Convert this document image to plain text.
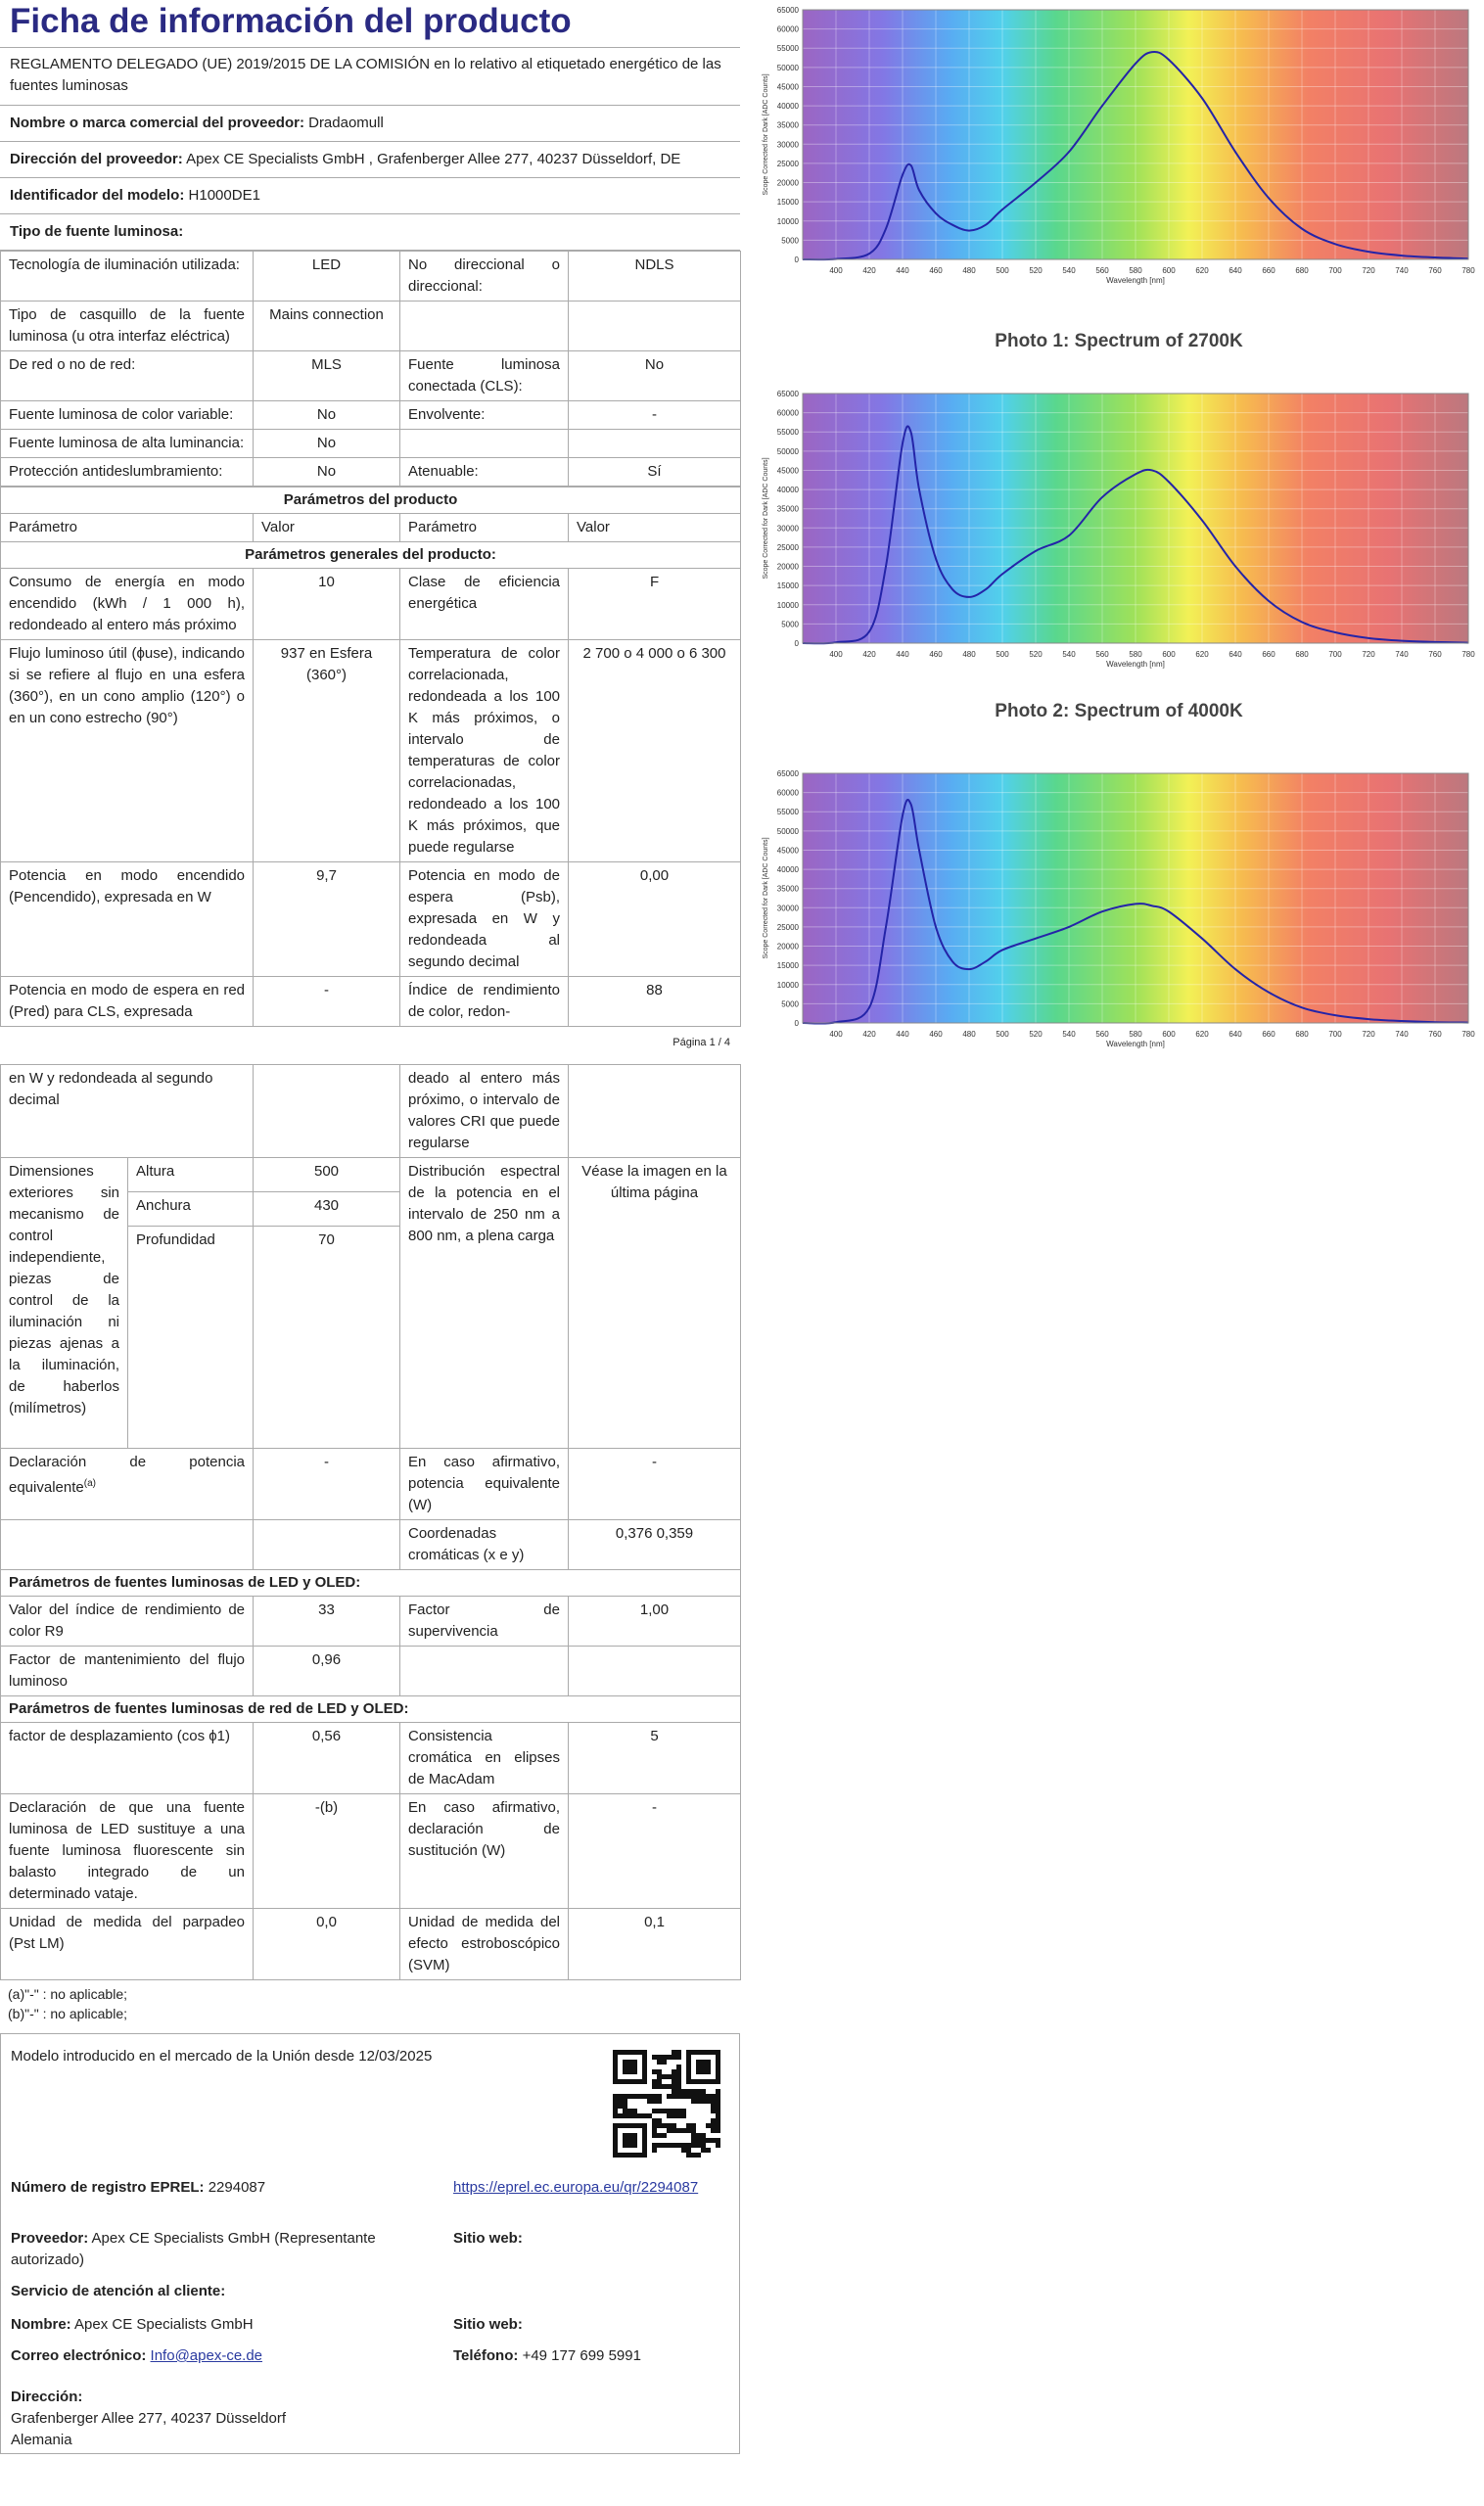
Ficha de información del producto
REGLAMENTO DELEGADO (UE) 2019/2015 DE LA COMISIÓN en lo relativo al etiquetado energético de las fuentes luminosas
Nombre o marca comercial del proveedor: Dradaomull
Dirección del proveedor: Apex CE Specialists GmbH , Grafenberger Allee 277, 40237 Düsseldorf, DE
Identificador del modelo: H1000DE1
Tipo de fuente luminosa:
Tecnología de iluminación utilizada:	LED	No direccional o direccional:	NDLS
Tipo de casquillo de la fuente luminosa (u otra interfaz eléctrica)	Mains connection		
De red o no de red:	MLS	Fuente luminosa conectada (CLS):	No
Fuente luminosa de color variable:	No	Envolvente:	-
Fuente luminosa de alta luminancia:	No		
Protección antideslumbramiento:	No	Atenuable:	Sí
Parámetros del producto			
Parámetro	Valor	Parámetro	Valor
Parámetros generales del producto:			
Consumo de energía en modo encendido (kWh / 1 000 h), redondeado al entero más próximo	10	Clase de eficiencia energética	F
Flujo luminoso útil (ϕuse), indicando si se refiere al flujo en una esfera (360°), en un cono amplio (120°) o en un cono estrecho (90°)	937 en Esfera (360°)	Temperatura de color correlacionada, redondeada a los 100 K más próximos, o intervalo de temperaturas de color correlacionadas, redondeado a los 100 K más próximos, que puede regularse	2 700 o 4 000 o 6 300
Potencia en modo encendido (Pencendido), expresada en W	9,7	Potencia en modo de espera (Psb), expresada en W y redondeada al segundo decimal	0,00
Potencia en modo de espera en red (Pred) para CLS, expresada	-	Índice de rendimiento de color, redon-	88
Página 1 / 4
en W y redondeada al segundo decimal			deado al entero más próximo, o intervalo de valores CRI que puede regularse	
Dimensiones exteriores sin mecanismo de control independiente, piezas de control de la iluminación ni piezas ajenas a la iluminación, de haberlos (milímetros)	Altura	500	Distribución espectral de la potencia en el intervalo de 250 nm a 800 nm, a plena carga	Véase la imagen en la última página
	Anchura	430		
	Profundidad	70		
Declaración de potencia equivalente$^{(a)}$		-	En caso afirmativo, potencia equivalente (W)	-
			Coordenadas cromáticas (x e y)	0,376 0,359
Parámetros de fuentes luminosas de LED y OLED:				
Valor del índice de rendimiento de color R9		33	Factor de supervivencia	1,00
Factor de mantenimiento del flujo luminoso		0,96		
Parámetros de fuentes luminosas de red de LED y OLED:				
factor de desplazamiento (cos ϕ1)		0,56	Consistencia cromática en elipses de MacAdam	5
Declaración de que una fuente luminosa de LED sustituye a una fuente luminosa fluorescente sin balasto integrado de un determinado vataje.		-(b)	En caso afirmativo, declaración de sustitución (W)	-
Unidad de medida del parpadeo (Pst LM)		0,0	Unidad de medida del efecto estroboscópico (SVM)	0,1
(a)"-" : no aplicable;
(b)"-" : no aplicable;
Modelo introducido en el mercado de la Unión desde 12/03/2025
Número de registro EPREL: 2294087	https://eprel.ec.europa.eu/qr/2294087
Proveedor: Apex CE Specialists GmbH (Representante autorizado)
Sitio web:
Servicio de atención al cliente:
Nombre: Apex CE Specialists GmbH	Sitio web:
Correo electrónico: Info@apex-ce.de	Teléfono: +49 177 699 5991
Dirección:
Grafenberger Allee 277, 40237 Düsseldorf
Alemania
0
5000
10000
15000
20000
25000
30000
35000
40000
45000
50000
55000
60000
65000
400	420	440	460	480	500	520	540	560	580	600	620	640	660	680	700	720	740	760	780
Wavelength [nm]
Scope Corrected for Dark [ADC Counts]
Photo 1: Spectrum of 2700K
0
5000
10000
15000
20000
25000
30000
35000
40000
45000
50000
55000
60000
65000
400	420	440	460	480	500	520	540	560	580	600	620	640	660	680	700	720	740	760	780
Wavelength [nm]
Scope Corrected for Dark [ADC Counts]
Photo 2: Spectrum of 4000K
0
5000
10000
15000
20000
25000
30000
35000
40000
45000
50000
55000
60000
65000
400	420	440	460	480	500	520	540	560	580	600	620	640	660	680	700	720	740	760	780
Wavelength [nm]
Scope Corrected for Dark [ADC Counts]
